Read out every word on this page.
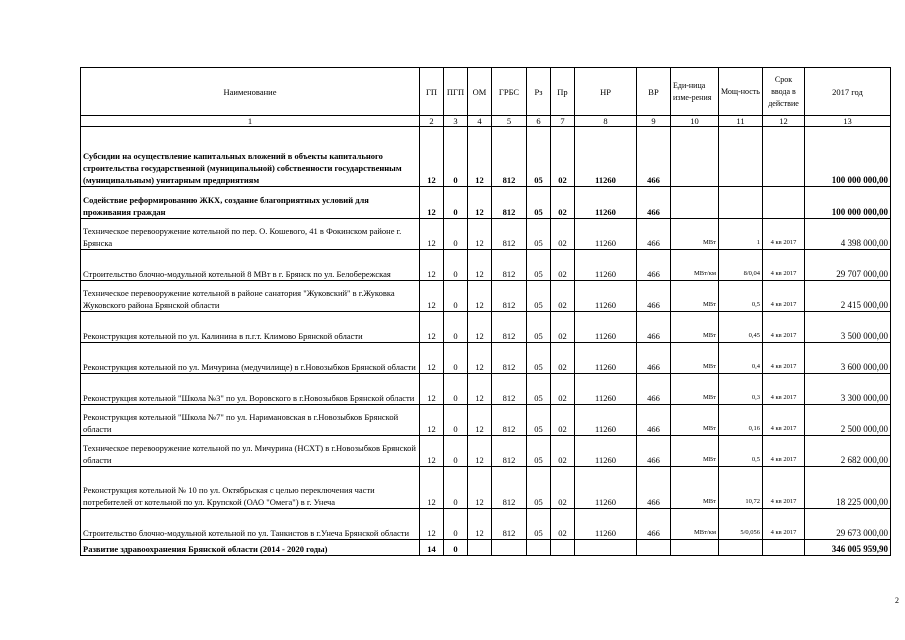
Наименование	ГП	ПГП	ОМ	ГРБС	Рз	Пр	НР	ВР	Еди-ница изме-рения	Мощ-ность	Срок ввода в действие	2017 год
1	2	3	4	5	6	7	8	9	10	11	12	13
Субсидии на осуществление капитальных вложений в объекты капитального строительства государственной (муниципальной) собственности государственным (муниципальным) унитарным предприятиям	12	0	12	812	05	02	11260	466				100 000 000,00
Содействие реформированию ЖКХ, создание благоприятных условий для проживания граждан	12	0	12	812	05	02	11260	466				100 000 000,00
Техническое перевооружение котельной по пер. О. Кошевого, 41 в Фокинском районе г. Брянска	12	0	12	812	05	02	11260	466	МВт	1	4 кв 2017	4 398 000,00
Строительство блочно-модульной котельной 8 МВт в г. Брянск по ул. Белобережская	12	0	12	812	05	02	11260	466	МВт/км	8/0,04	4 кв 2017	29 707 000,00
Техническое перевооружение котельной в районе санатория "Жуковский" в г.Жуковка Жуковского района Брянской области	12	0	12	812	05	02	11260	466	МВт	0,5	4 кв 2017	2 415 000,00
Реконструкция котельной по ул. Калинина в п.г.т. Климово Брянской области	12	0	12	812	05	02	11260	466	МВт	0,45	4 кв 2017	3 500 000,00
Реконструкция котельной по ул. Мичурина (медучилище) в г.Новозыбков Брянской области	12	0	12	812	05	02	11260	466	МВт	0,4	4 кв 2017	3 600 000,00
Реконструкция котельной "Школа №3" по ул. Воровского в г.Новозыбков Брянской области	12	0	12	812	05	02	11260	466	МВт	0,3	4 кв 2017	3 300 000,00
Реконструкция котельной "Школа №7" по ул. Наримановская в г.Новозыбков Брянской области	12	0	12	812	05	02	11260	466	МВт	0,16	4 кв 2017	2 500 000,00
Техническое перевооружение котельной по ул. Мичурина (НСХТ) в г.Новозыбков Брянской области	12	0	12	812	05	02	11260	466	МВт	0,5	4 кв 2017	2 682 000,00
Реконструкция котельной № 10 по ул. Октябрьская с целью переключения части потребителей от котельной по ул. Крупской (ОАО "Омега") в г. Унеча	12	0	12	812	05	02	11260	466	МВт	10,72	4 кв 2017	18 225 000,00
Строительство блочно-модульной котельной по ул. Танкистов в г.Унеча Брянской области	12	0	12	812	05	02	11260	466	МВт/км	5/0,056	4 кв 2017	29 673 000,00
Развитие здравоохранения Брянской области (2014 - 2020 годы)	14	0										346 005 959,90
2
